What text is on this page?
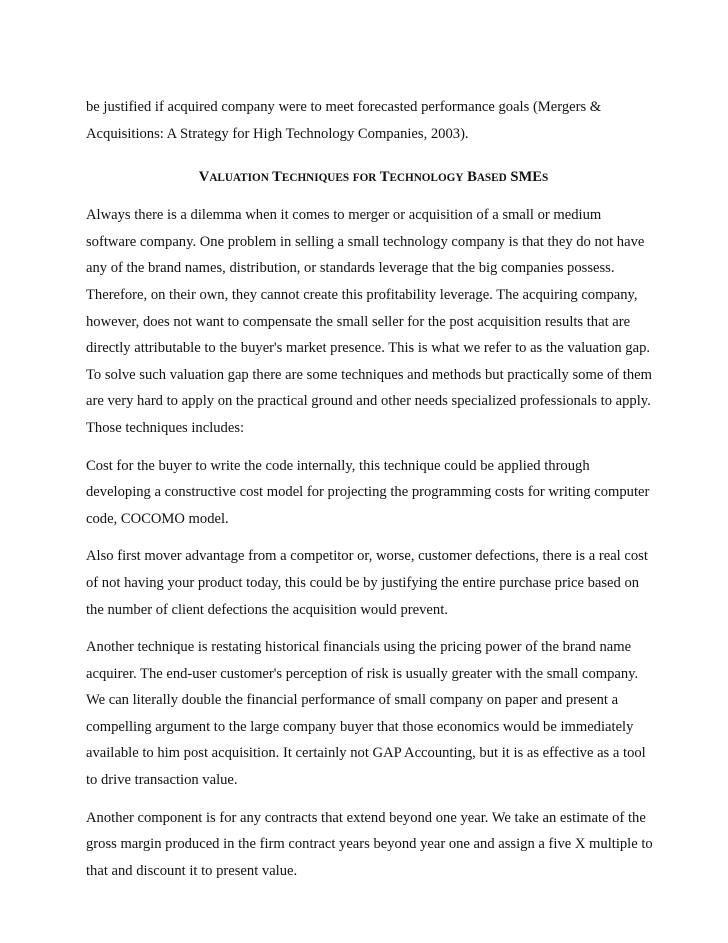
be justified if acquired company were to meet forecasted performance goals (Mergers &

Acquisitions: A Strategy for High Technology Companies, 2003).

VALUATION TECHNIQUES FOR TECHNOLOGY BASED SMES

Always there is a dilemma when it comes to merger or acquisition of a small or medium

software company. One problem in selling a small technology company is that they do not have

any of the brand names, distribution, or standards leverage that the big companies possess.

Therefore, on their own, they cannot create this profitability leverage. The acquiring company,

however, does not want to compensate the small seller for the post acquisition results that are

directly attributable to the buyer's market presence. This is what we refer to as the valuation gap.

To solve such valuation gap there are some techniques and methods but practically some of them

are very hard to apply on the practical ground and other needs specialized professionals to apply.

Those techniques includes:

Cost for the buyer to write the code internally, this technique could be applied through

developing a constructive cost model for projecting the programming costs for writing computer

code, COCOMO model.

Also first mover advantage from a competitor or, worse, customer defections, there is a real cost

of not having your product today, this could be by justifying the entire purchase price based on

the number of client defections the acquisition would prevent.

Another technique is restating historical financials using the pricing power of the brand name

acquirer. The end-user customer's perception of risk is usually greater with the small company.

We can literally double the financial performance of small company on paper and present a

compelling argument to the large company buyer that those economics would be immediately

available to him post acquisition. It certainly not GAP Accounting, but it is as effective as a tool

to drive transaction value.

Another component is for any contracts that extend beyond one year. We take an estimate of the

gross margin produced in the firm contract years beyond year one and assign a five X multiple to

that and discount it to present value.
